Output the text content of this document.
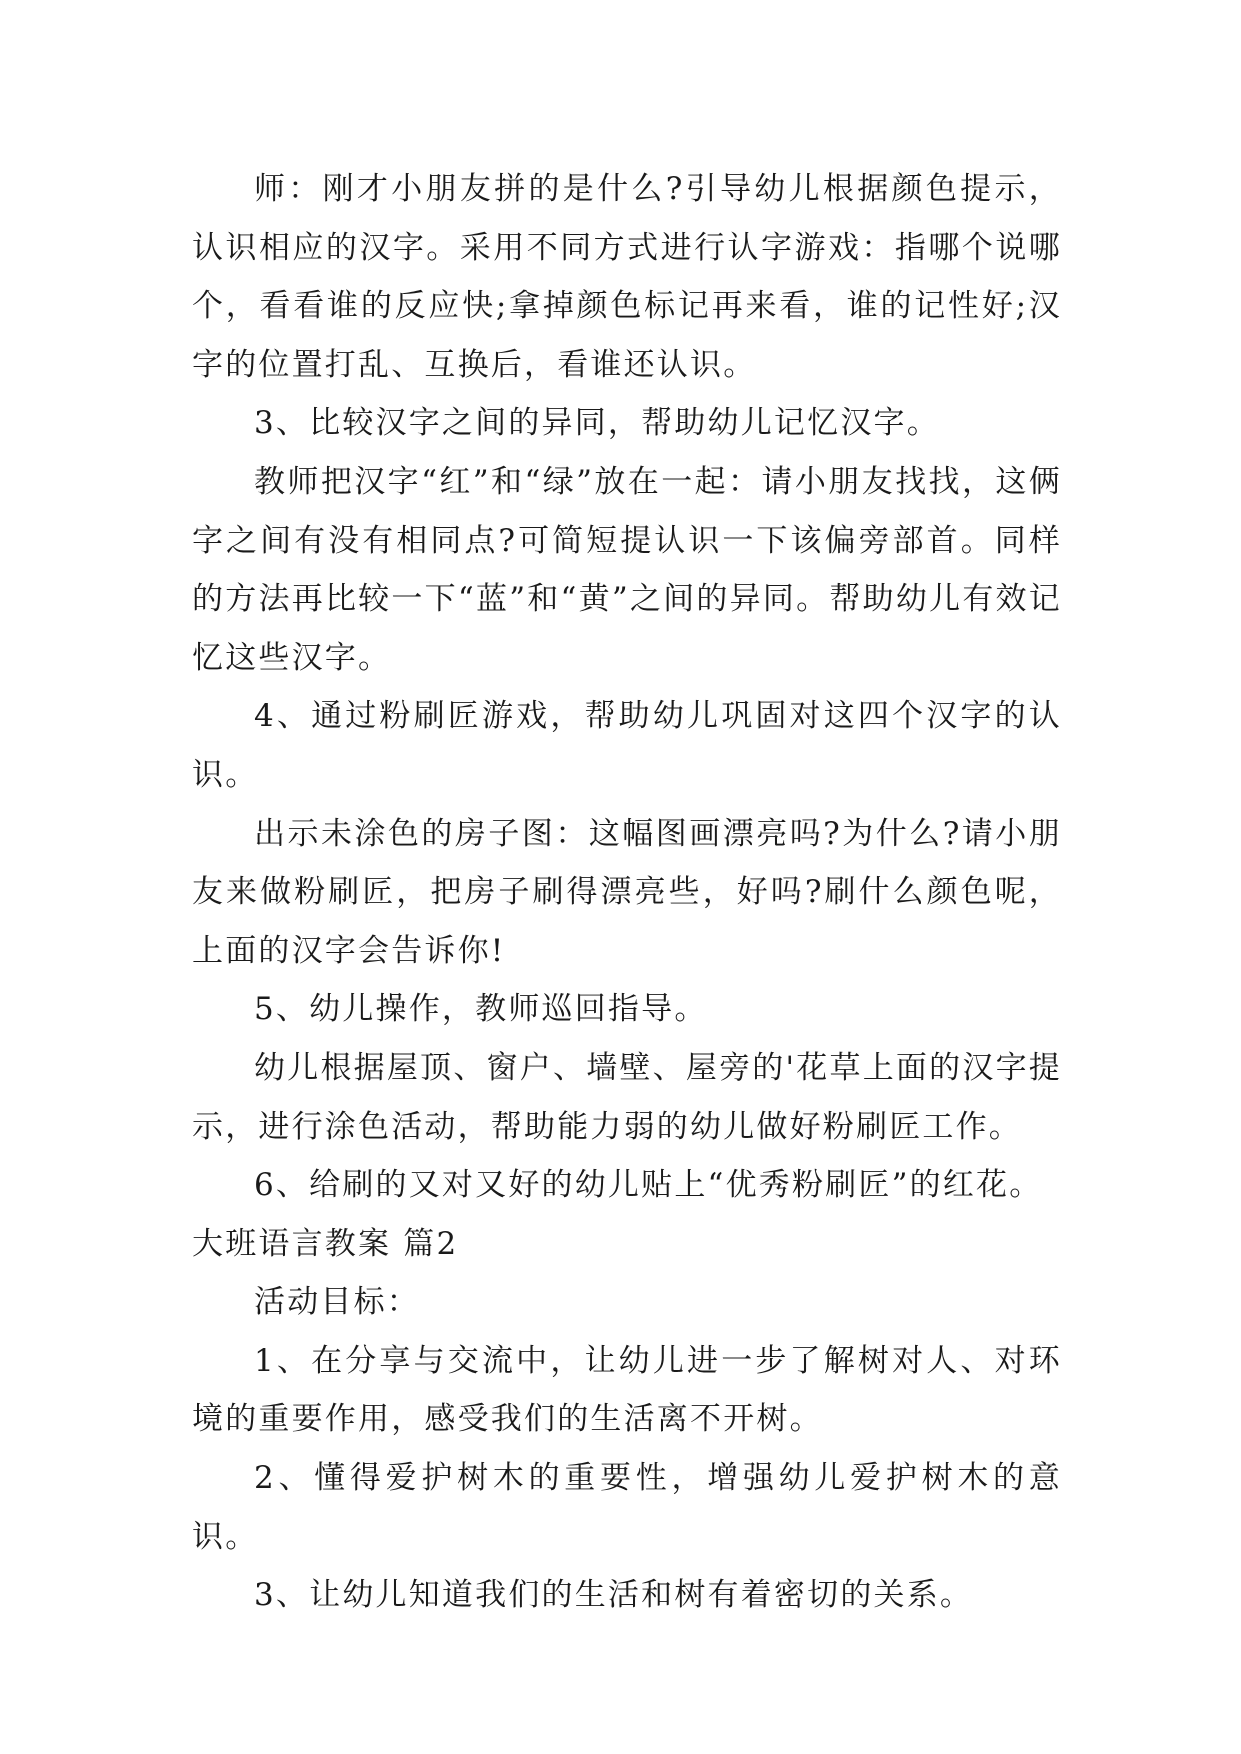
师：刚才小朋友拼的是什么?引导幼儿根据颜色提示，认识相应的汉字。采用不同方式进行认字游戏：指哪个说哪个，看看谁的反应快;拿掉颜色标记再来看，谁的记性好;汉字的位置打乱、互换后，看谁还认识。

3、比较汉字之间的异同，帮助幼儿记忆汉字。

教师把汉字“红”和“绿”放在一起：请小朋友找找，这俩字之间有没有相同点?可简短提认识一下该偏旁部首。同样的方法再比较一下“蓝”和“黄”之间的异同。帮助幼儿有效记忆这些汉字。

4、通过粉刷匠游戏，帮助幼儿巩固对这四个汉字的认识。

出示未涂色的房子图：这幅图画漂亮吗?为什么?请小朋友来做粉刷匠，把房子刷得漂亮些，好吗?刷什么颜色呢，上面的汉字会告诉你!

5、幼儿操作，教师巡回指导。

幼儿根据屋顶、窗户、墙壁、屋旁的'花草上面的汉字提示，进行涂色活动，帮助能力弱的幼儿做好粉刷匠工作。

6、给刷的又对又好的幼儿贴上“优秀粉刷匠”的红花。

大班语言教案 篇2

活动目标：

1、在分享与交流中，让幼儿进一步了解树对人、对环境的重要作用，感受我们的生活离不开树。

2、懂得爱护树木的重要性，增强幼儿爱护树木的意识。

3、让幼儿知道我们的生活和树有着密切的关系。
